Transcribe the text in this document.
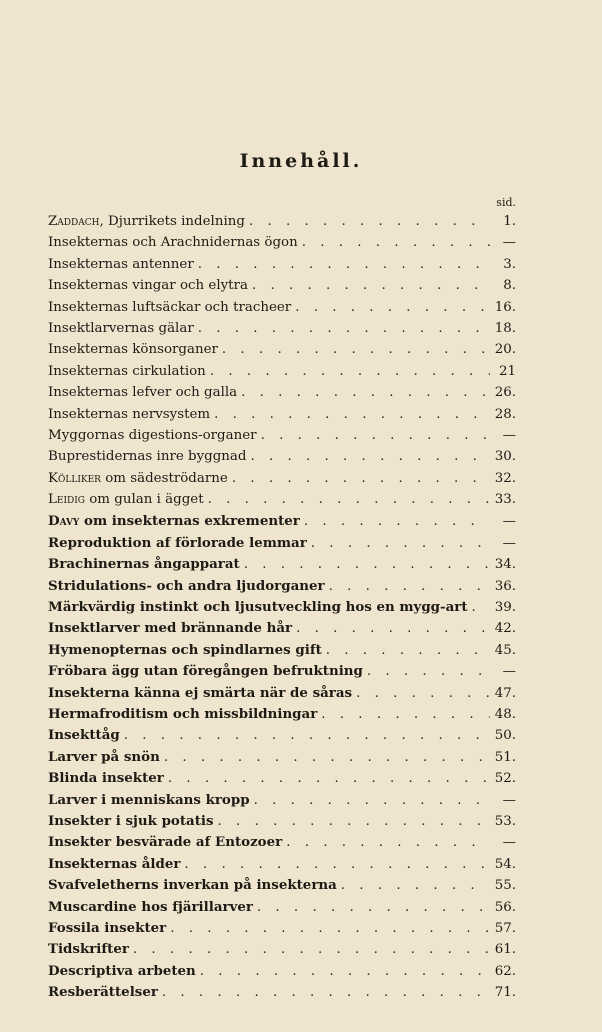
Innehåll.
sid.
Zaddach, Djurrikets indelning . . .	1.
Insekternas och Arachnidernas ögon . . .	—
Insekternas antenner . . .	3.
Insekternas vingar och elytra . . .	8.
Insekternas luftsäckar och tracheer . . .	16.
Insektlarvernas gälar . . .	18.
Insekternas könsorganer . . .	20.
Insekternas cirkulation . . .	21
Insekternas lefver och galla . . .	26.
Insekternas nervsystem . . .	28.
Myggornas digestions-organer . . .	—
Buprestidernas inre byggnad . . .	30.
Kölliker om sädeströdarne . . .	32.
Leidig om gulan i ägget . . .	33.
Davy om insekternas exkrementer . . .	—
Reproduktion af förlorade lemmar . . .	—
Brachinernas ångapparat . . .	34.
Stridulations- och andra ljudorganer . . .	36.
Märkvärdig instinkt och ljusutveckling hos en mygg-art . . .	39.
Insektlarver med brännande hår . . .	42.
Hymenopternas och spindlarnes gift . . .	45.
Fröbara ägg utan föregången befruktning . . .	—
Insekterna känna ej smärta när de såras . . .	47.
Hermafroditism och missbildningar . . .	48.
Insekttåg . . .	50.
Larver på snön . . .	51.
Blinda insekter . . .	52.
Larver i menniskans kropp . . .	—
Insekter i sjuk potatis . . .	53.
Insekter besvärade af Entozoer . . .	—
Insekternas ålder . . .	54.
Svafveletherns inverkan på insekterna . . .	55.
Muscardine hos fjärillarver . . .	56.
Fossila insekter . . .	57.
Tidskrifter . . .	61.
Descriptiva arbeten . . .	62.
Resberättelser . . .	71.
